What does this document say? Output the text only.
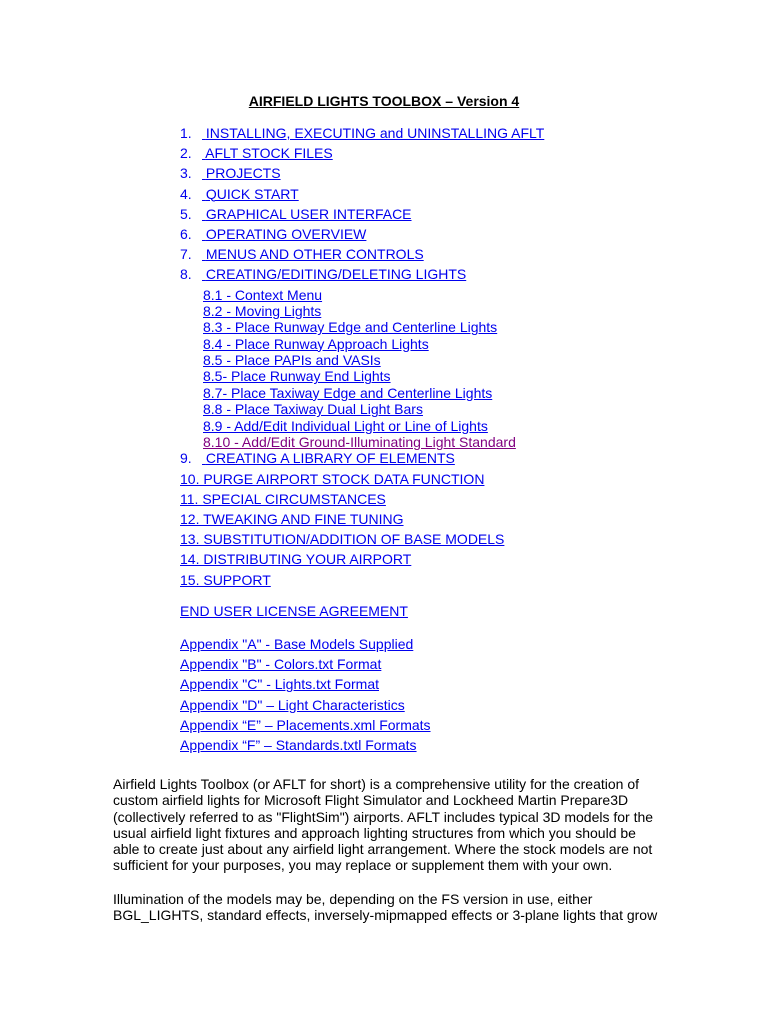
AIRFIELD LIGHTS TOOLBOX – Version 4
1. INSTALLING, EXECUTING and UNINSTALLING AFLT
2. AFLT STOCK FILES
3. PROJECTS
4. QUICK START
5. GRAPHICAL USER INTERFACE
6. OPERATING OVERVIEW
7. MENUS AND OTHER CONTROLS
8. CREATING/EDITING/DELETING LIGHTS
8.1 - Context Menu
8.2 - Moving Lights
8.3 - Place Runway Edge and Centerline Lights
8.4 - Place Runway Approach Lights
8.5 - Place PAPIs and VASIs
8.5- Place Runway End Lights
8.7- Place Taxiway Edge and Centerline Lights
8.8 - Place Taxiway Dual Light Bars
8.9 - Add/Edit Individual Light or Line of Lights
8.10 - Add/Edit Ground-Illuminating Light Standard
9. CREATING A LIBRARY OF ELEMENTS
10. PURGE AIRPORT STOCK DATA FUNCTION
11. SPECIAL CIRCUMSTANCES
12. TWEAKING AND FINE TUNING
13. SUBSTITUTION/ADDITION OF BASE MODELS
14. DISTRIBUTING YOUR AIRPORT
15. SUPPORT
END USER LICENSE AGREEMENT
Appendix "A" - Base Models Supplied
Appendix "B" - Colors.txt Format
Appendix "C" - Lights.txt Format
Appendix "D" – Light Characteristics
Appendix “E” – Placements.xml Formats
Appendix “F” – Standards.txtl Formats
Airfield Lights Toolbox (or AFLT for short) is a comprehensive utility for the creation of
custom airfield lights for Microsoft Flight Simulator and Lockheed Martin Prepare3D
(collectively referred to as "FlightSim") airports. AFLT includes typical 3D models for the
usual airfield light fixtures and approach lighting structures from which you should be
able to create just about any airfield light arrangement. Where the stock models are not
sufficient for your purposes, you may replace or supplement them with your own.
Illumination of the models may be, depending on the FS version in use, either
BGL_LIGHTS, standard effects, inversely-mipmapped effects or 3-plane lights that grow
